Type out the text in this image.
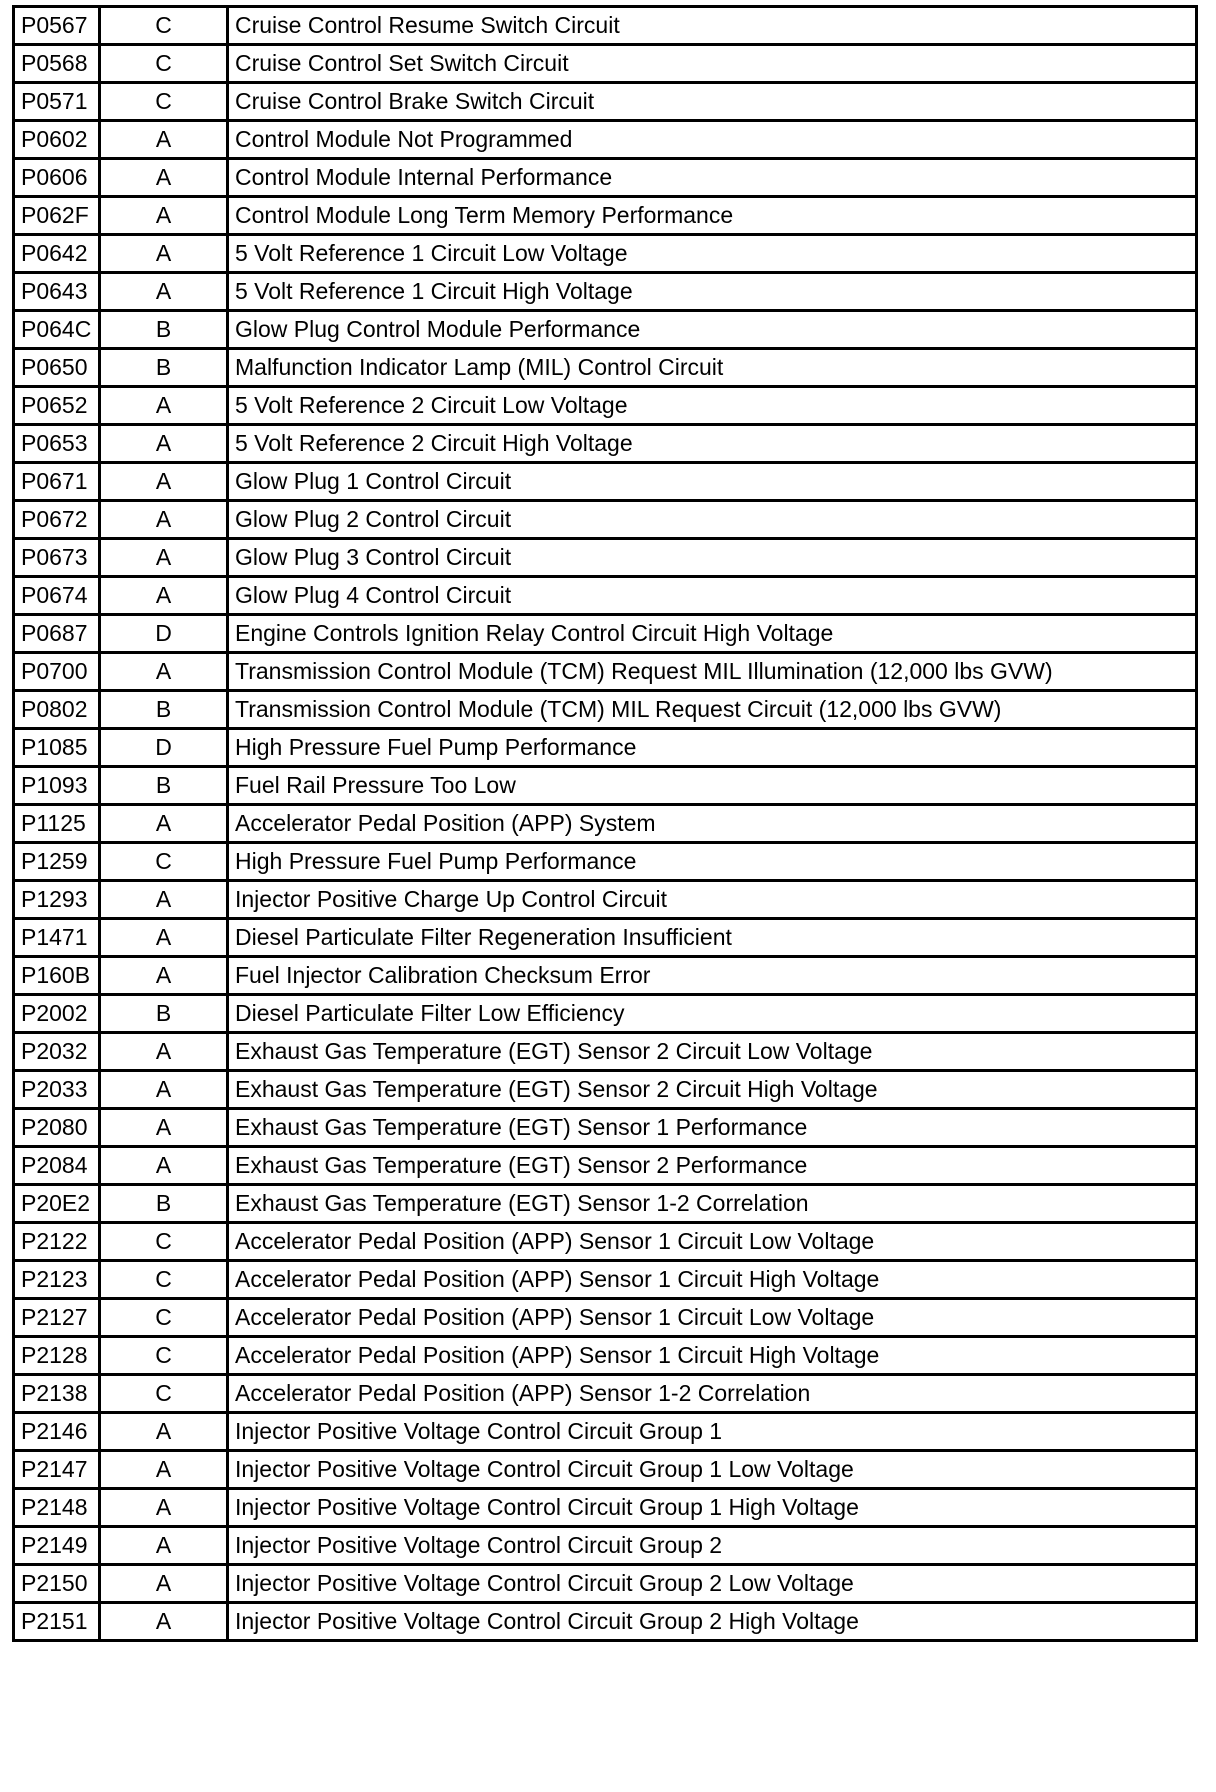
P0567	C	Cruise Control Resume Switch Circuit
P0568	C	Cruise Control Set Switch Circuit
P0571	C	Cruise Control Brake Switch Circuit
P0602	A	Control Module Not Programmed
P0606	A	Control Module Internal Performance
P062F	A	Control Module Long Term Memory Performance
P0642	A	5 Volt Reference 1 Circuit Low Voltage
P0643	A	5 Volt Reference 1 Circuit High Voltage
P064C	B	Glow Plug Control Module Performance
P0650	B	Malfunction Indicator Lamp (MIL) Control Circuit
P0652	A	5 Volt Reference 2 Circuit Low Voltage
P0653	A	5 Volt Reference 2 Circuit High Voltage
P0671	A	Glow Plug 1 Control Circuit
P0672	A	Glow Plug 2 Control Circuit
P0673	A	Glow Plug 3 Control Circuit
P0674	A	Glow Plug 4 Control Circuit
P0687	D	Engine Controls Ignition Relay Control Circuit High Voltage
P0700	A	Transmission Control Module (TCM) Request MIL Illumination (12,000 lbs GVW)
P0802	B	Transmission Control Module (TCM) MIL Request Circuit (12,000 lbs GVW)
P1085	D	High Pressure Fuel Pump Performance
P1093	B	Fuel Rail Pressure Too Low
P1125	A	Accelerator Pedal Position (APP) System
P1259	C	High Pressure Fuel Pump Performance
P1293	A	Injector Positive Charge Up Control Circuit
P1471	A	Diesel Particulate Filter Regeneration Insufficient
P160B	A	Fuel Injector Calibration Checksum Error
P2002	B	Diesel Particulate Filter Low Efficiency
P2032	A	Exhaust Gas Temperature (EGT) Sensor 2 Circuit Low Voltage
P2033	A	Exhaust Gas Temperature (EGT) Sensor 2 Circuit High Voltage
P2080	A	Exhaust Gas Temperature (EGT) Sensor 1 Performance
P2084	A	Exhaust Gas Temperature (EGT) Sensor 2 Performance
P20E2	B	Exhaust Gas Temperature (EGT) Sensor 1-2 Correlation
P2122	C	Accelerator Pedal Position (APP) Sensor 1 Circuit Low Voltage
P2123	C	Accelerator Pedal Position (APP) Sensor 1 Circuit High Voltage
P2127	C	Accelerator Pedal Position (APP) Sensor 1 Circuit Low Voltage
P2128	C	Accelerator Pedal Position (APP) Sensor 1 Circuit High Voltage
P2138	C	Accelerator Pedal Position (APP) Sensor 1-2 Correlation
P2146	A	Injector Positive Voltage Control Circuit Group 1
P2147	A	Injector Positive Voltage Control Circuit Group 1 Low Voltage
P2148	A	Injector Positive Voltage Control Circuit Group 1 High Voltage
P2149	A	Injector Positive Voltage Control Circuit Group 2
P2150	A	Injector Positive Voltage Control Circuit Group 2 Low Voltage
P2151	A	Injector Positive Voltage Control Circuit Group 2 High Voltage
